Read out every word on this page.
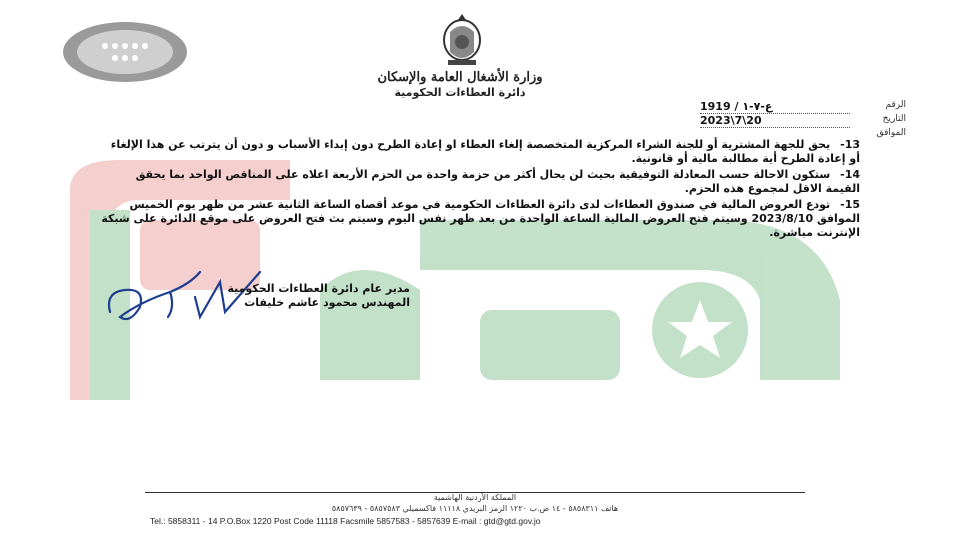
وزارة الأشغال العامة والإسكان
دائرة العطاءات الحكومية
الرقم
التاريخ
الموافق
ع-٧-١ / 1919
2023\7\20
13- يحق للجهة المشترية أو للجنة الشراء المركزية المتخصصة إلغاء العطاء او إعادة الطرح دون إبداء الأسباب و دون أن يترتب عن هذا الإلغاء أو إعادة الطرح أية مطالبة مالية أو قانونية.
14- ستكون الاحالة حسب المعادلة التوفيقية بحيث لن يحال أكثر من حزمة واحدة من الحزم الأربعة اعلاه على المناقص الواحد بما يحقق القيمة الاقل لمجموع هذه الحزم.
15- تودع العروض المالية في صندوق العطاءات لدى دائرة العطاءات الحكومية في موعد أقصاه الساعة الثانية عشر من ظهر يوم الخميس الموافق 2023/8/10 وسيتم فتح العروض المالية الساعة الواحدة من بعد ظهر نفس اليوم وسيتم بث فتح العروض على موقع الدائرة على شبكة الإنترنت مباشرة.
مدير عام دائرة العطاءات الحكومية
المهندس محمود عاشم خليفات
المملكة الأردنية الهاشمية
هاتف ٥٨٥٨٣١١ - ١٤ ص.ب ١٢٢٠ الرمز البريدي ١١١١٨ فاكسميلي ٥٨٥٧٥٨٣ - ٥٨٥٧٦٣٩
Tel.: 5858311 - 14 P.O.Box 1220 Post Code 11118 Facsmile 5857583 - 5857639 E-mail : gtd@gtd.gov.jo
